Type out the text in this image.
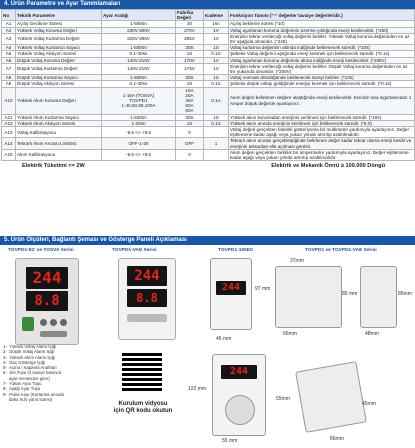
4. Ürün Parametre ve Ayar Tanımlamaları
No	Teknik Parametre	Ayar Aralığı	Fabrika Değeri	Kademe	Fonksiyon Tanımı ("-" değerler tavaiye değerleridir.)
A1	Açılış Gecikme Süresi	1-500sn	30	1sn	Açılış bekleme süresi (*10)
A2	Yüksek Voltaj Koruma Değeri	230V-300V	270V	1V	Voltaj ayarlanan koruma değerinin üzerine çıktığında enerji kesilecektir. (*250)
A3	Yüksek Voltaj Kurtarma Değeri	225V-295V	265V	1V	Enerjinin tekrar verileceği voltaj değerini belirler. Yüksek Voltaj koruma değerinden en az 5V aşağıda olmalıdır. (*245)
A4	Yüksek Voltaj Kurtarma Sayacı	1-500sn	30S	1S	Voltaj kurtarma değerinin altında indiğinde beklenecek süredir. (*10s)
A5	Yüksek Voltaj Aksiyon Süresi	0.1-30sn	1S	0.1S	Şebeke Voltaj değerini aştığında enerji kesmek için beklenecek süredir. (*0.1s)
A6	Düşük Voltaj Koruma Değeri	140V-210V	170V	1V	Voltaj ayarlanan koruma değerinin altına indiğinde enerji kesilecektir. (*195V)
A7	Düşük Voltaj Kurtarma Değeri	145V-215V	175V	1V	Enerjinin tekrar verileceği voltaj değerini belirler. Düşük Voltaj koruma değerinden en az 5V yukarıda olmalıdır. (*200V)
A8	Düşük Voltaj Kurtarma Sayacı	1-500sn	30S	1S	Voltaj normale döndüğünde beklenecek süreyi belirler. (*10s)
A9	Düşük Voltaj Aksiyon Süresi	0.1-30sn	1S	0.1S	Şebeke düşük voltajı geldiğinde enerjiyi kesmek için beklenecek süredir. (*0.1s)
A10	Yüksek Akım Koruma Değeri	1-16A (TOSVA)
TOVPD1
1-40,60,80,100A	16A
20A
40A
60A
80A	0.1A	Akım değeri belirlenen değere ulaştığında enerji kesilecektir. Evinizin ana sigortasından 1 Amper düşük değerde ayarlayınız.
A11	Yüksek Akım Kurtarma Sayacı	1-500sn	30S	1S	Yüksek akım korumadan enerjinin verilmesi için beklenecek süredir. (*10s)
A12	Yüksek Akım Aksiyon Süresi	1-30sn	1S	0.1S	Yüksek akım anında enerjinin kesilmesi için beklenecek süredir. (*5.0)
A13	Voltaj Kalibrasyonu	-9.5 <> +9.5	0		Voltaj değeri gerçekten farklılık gösteriyorsa bir multimetre yardımıyla ayarlayınız. Değer eşitlemene kadar aşağı veya yukarı yönde artırılıp azaltılmalıdır.
A14	Tekrarlı Akım Arızası Limitörü	OFF-1-20	OFF	1	Tekrarlı akım arızası gerçekleştiğinde belirlenen değer kadar tekrar olursa enerji kesilir ve enerjinin tekrardan elle açılması gerekir.
A15	Akım Kalibrasyonu	-9.5 <> +9.5	0		Akım değeri gerçekten farklılık bir ampermetre yardımıyla ayarlayınız. Değer eşitlemene kadar aşağı veya yukarı yönde artırılıp azaltılmalıdır.
Elektrik Tüketimi <= 2W	Elektrik ve Mekanik Ömrü ≥ 100.000 Döngü
5. Ürün Ölçüleri, Bağlantı Şeması ve Gösterge Paneli Açıklaması
TOVPD1-EC ve TOSVA Serisi
244
8.8
TOVPD1-VAE Serisi
244
8.8
1-  Yüksek Voltaj Alarm Işığı
2-  Düşük Voltaj Alarm Işığı
3-  Yüksek Akım Alarm Işığı
4-  Güç Gösterge Işığı
5-  Açma / Kapama Anahtarı
6-  Set Tuşu (3 saniye basınca
ayar menüsüne girer)
7-  Yukarı Ayar Tuşu
8-  Aşağı Ayar Tuşu
9-  Pulse tuşu (Kurtarma anında
daha hızlı yanıt süresi)
Kurulum vidyosu için QR kodu okutun
TOVPD1-100EC
244
45 mm
97 mm
TOVPD1 ve TOVPD1-VAE Serisi
37mm
85 mm
66mm
85mm
48mm
244
122 mm
55 mm
55mm
45mm
86mm
